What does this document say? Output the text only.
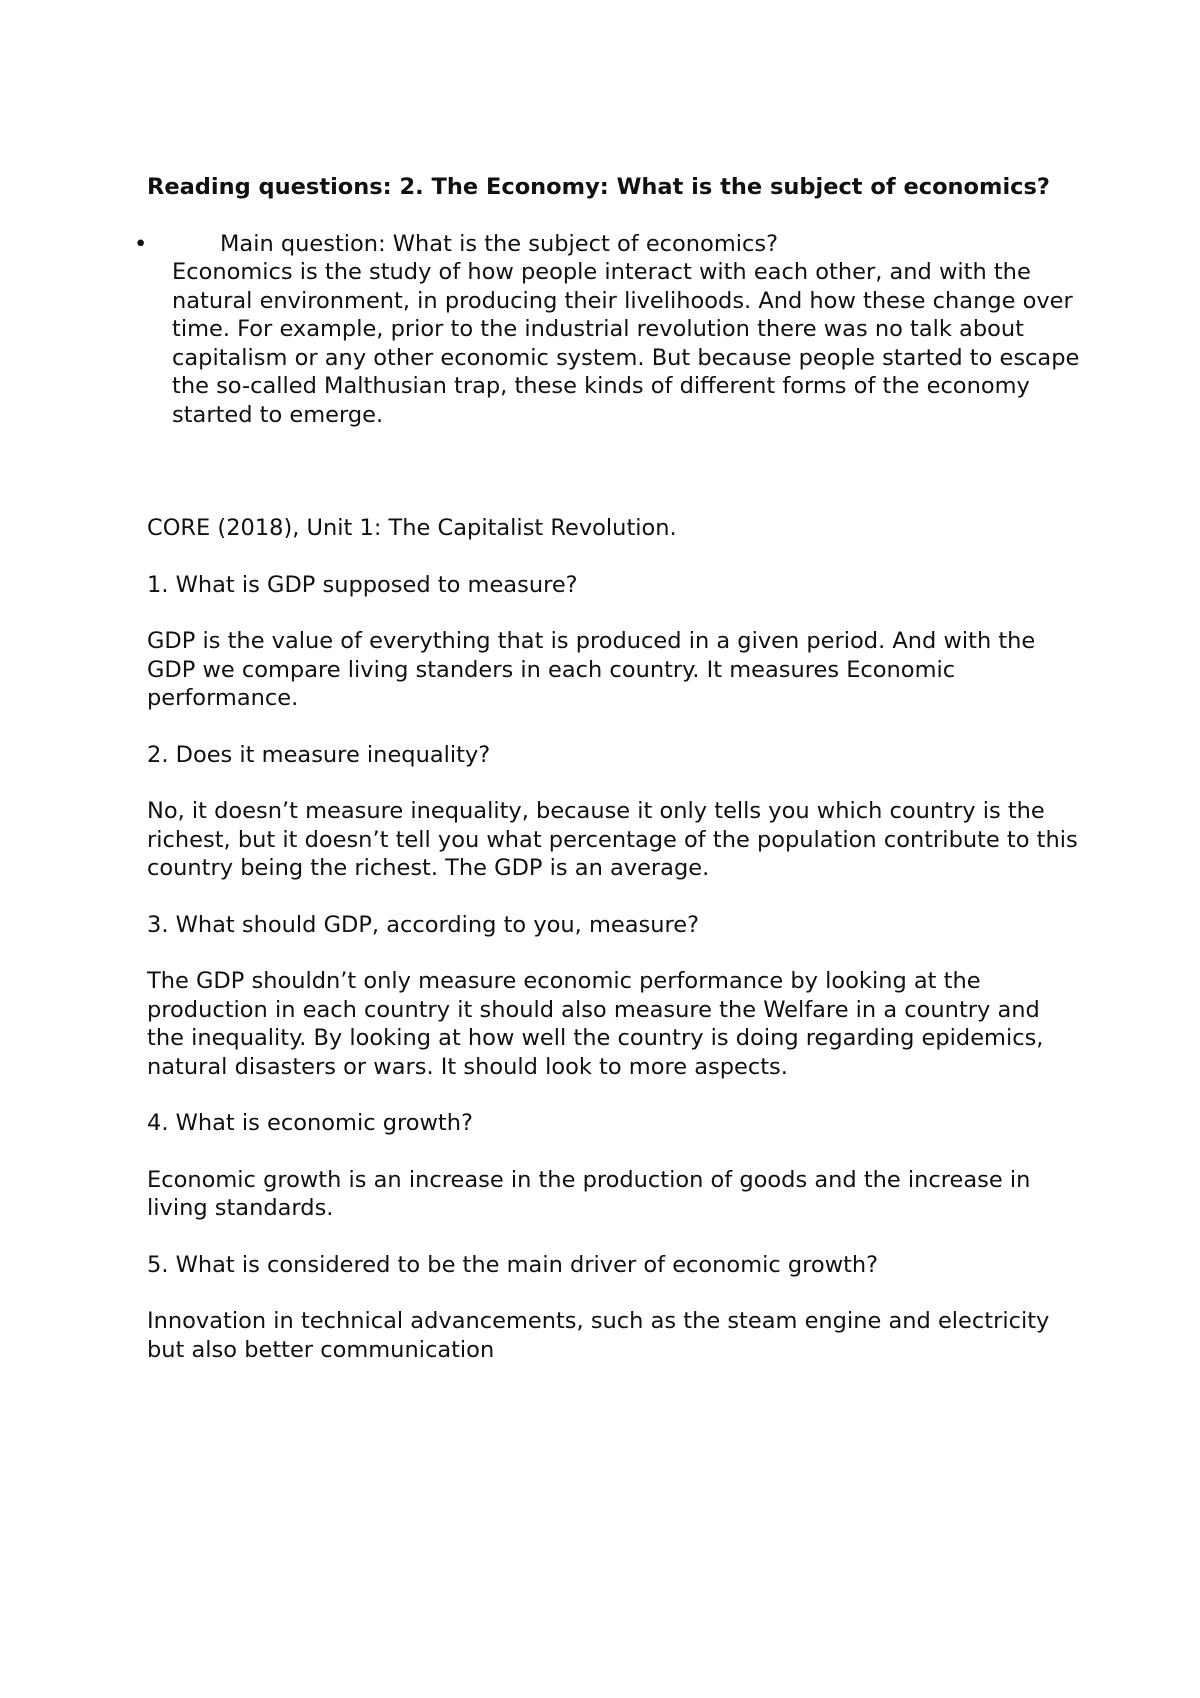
Reading questions: 2. The Economy: What is the subject of economics?
•	Main question: What is the subject of economics?

Economics is the study of how people interact with each other, and with the natural environment, in producing their livelihoods. And how these change over time. For example, prior to the industrial revolution there was no talk about capitalism or any other economic system. But because people started to escape the so-called Malthusian trap, these kinds of different forms of the economy started to emerge.

CORE (2018), Unit 1: The Capitalist Revolution.

1. What is GDP supposed to measure?

GDP is the value of everything that is produced in a given period. And with the GDP we compare living standers in each country. It measures Economic performance.

2. Does it measure inequality?

No, it doesn’t measure inequality, because it only tells you which country is the richest, but it doesn’t tell you what percentage of the population contribute to this country being the richest. The GDP is an average.

3. What should GDP, according to you, measure?

The GDP shouldn’t only measure economic performance by looking at the production in each country it should also measure the Welfare in a country and the inequality. By looking at how well the country is doing regarding epidemics, natural disasters or wars. It should look to more aspects.

4. What is economic growth?

Economic growth is an increase in the production of goods and the increase in living standards.

5. What is considered to be the main driver of economic growth?

Innovation in technical advancements, such as the steam engine and electricity but also better communication
